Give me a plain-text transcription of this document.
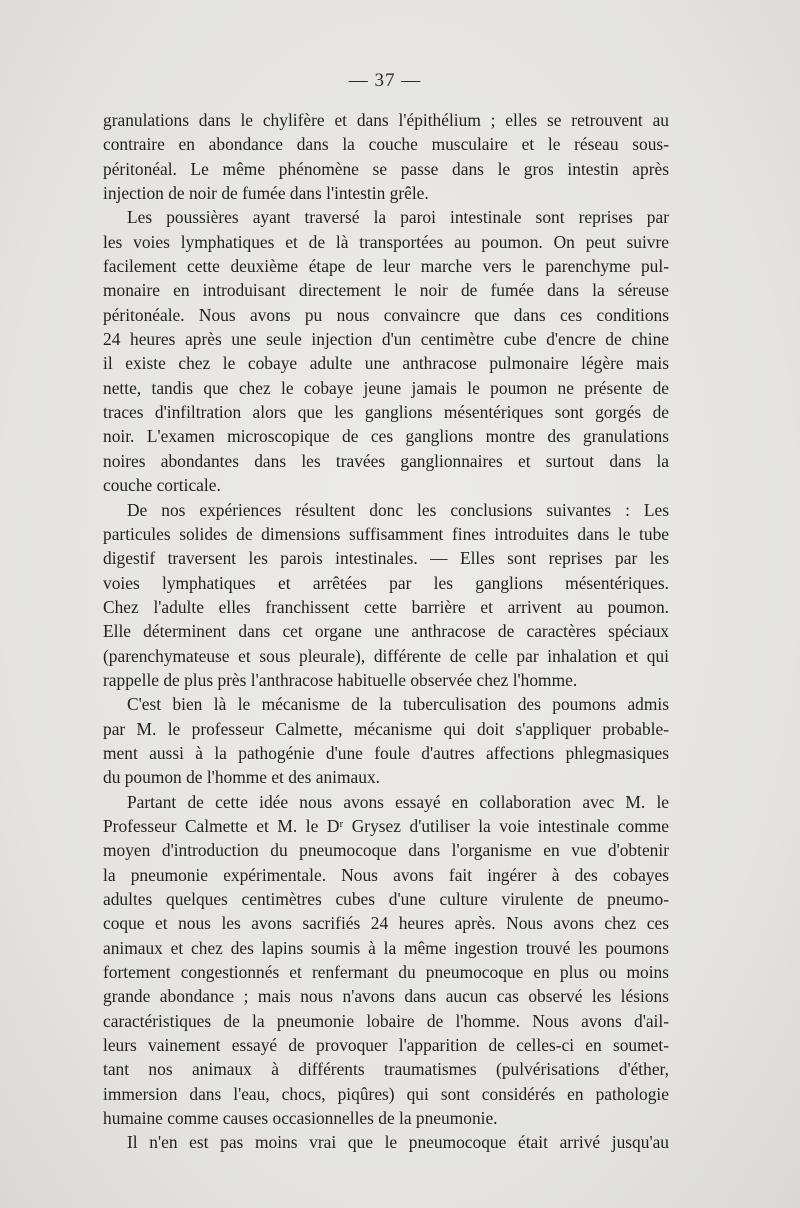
— 37 —
granulations dans le chylifère et dans l'épithélium ; elles se retrouvent au
contraire en abondance dans la couche musculaire et le réseau sous-
péritonéal. Le même phénomène se passe dans le gros intestin après
injection de noir de fumée dans l'intestin grêle.
Les poussières ayant traversé la paroi intestinale sont reprises par
les voies lymphatiques et de là transportées au poumon. On peut suivre
facilement cette deuxième étape de leur marche vers le parenchyme pul-
monaire en introduisant directement le noir de fumée dans la séreuse
péritonéale. Nous avons pu nous convaincre que dans ces conditions
24 heures après une seule injection d'un centimètre cube d'encre de chine
il existe chez le cobaye adulte une anthracose pulmonaire légère mais
nette, tandis que chez le cobaye jeune jamais le poumon ne présente de
traces d'infiltration alors que les ganglions mésentériques sont gorgés de
noir. L'examen microscopique de ces ganglions montre des granulations
noires abondantes dans les travées ganglionnaires et surtout dans la
couche corticale.
De nos expériences résultent donc les conclusions suivantes : Les
particules solides de dimensions suffisamment fines introduites dans le tube
digestif traversent les parois intestinales. — Elles sont reprises par les
voies lymphatiques et arrêtées par les ganglions mésentériques.
Chez l'adulte elles franchissent cette barrière et arrivent au poumon.
Elle déterminent dans cet organe une anthracose de caractères spéciaux
(parenchymateuse et sous pleurale), différente de celle par inhalation et qui
rappelle de plus près l'anthracose habituelle observée chez l'homme.
C'est bien là le mécanisme de la tuberculisation des poumons admis
par M. le professeur Calmette, mécanisme qui doit s'appliquer probable-
ment aussi à la pathogénie d'une foule d'autres affections phlegmasiques
du poumon de l'homme et des animaux.
Partant de cette idée nous avons essayé en collaboration avec M. le
Professeur Calmette et M. le Dʳ Grysez d'utiliser la voie intestinale comme
moyen d'introduction du pneumocoque dans l'organisme en vue d'obtenir
la pneumonie expérimentale. Nous avons fait ingérer à des cobayes
adultes quelques centimètres cubes d'une culture virulente de pneumo-
coque et nous les avons sacrifiés 24 heures après. Nous avons chez ces
animaux et chez des lapins soumis à la même ingestion trouvé les poumons
fortement congestionnés et renfermant du pneumocoque en plus ou moins
grande abondance ; mais nous n'avons dans aucun cas observé les lésions
caractéristiques de la pneumonie lobaire de l'homme. Nous avons d'ail-
leurs vainement essayé de provoquer l'apparition de celles-ci en soumet-
tant nos animaux à différents traumatismes (pulvérisations d'éther,
immersion dans l'eau, chocs, piqûres) qui sont considérés en pathologie
humaine comme causes occasionnelles de la pneumonie.
Il n'en est pas moins vrai que le pneumocoque était arrivé jusqu'au
